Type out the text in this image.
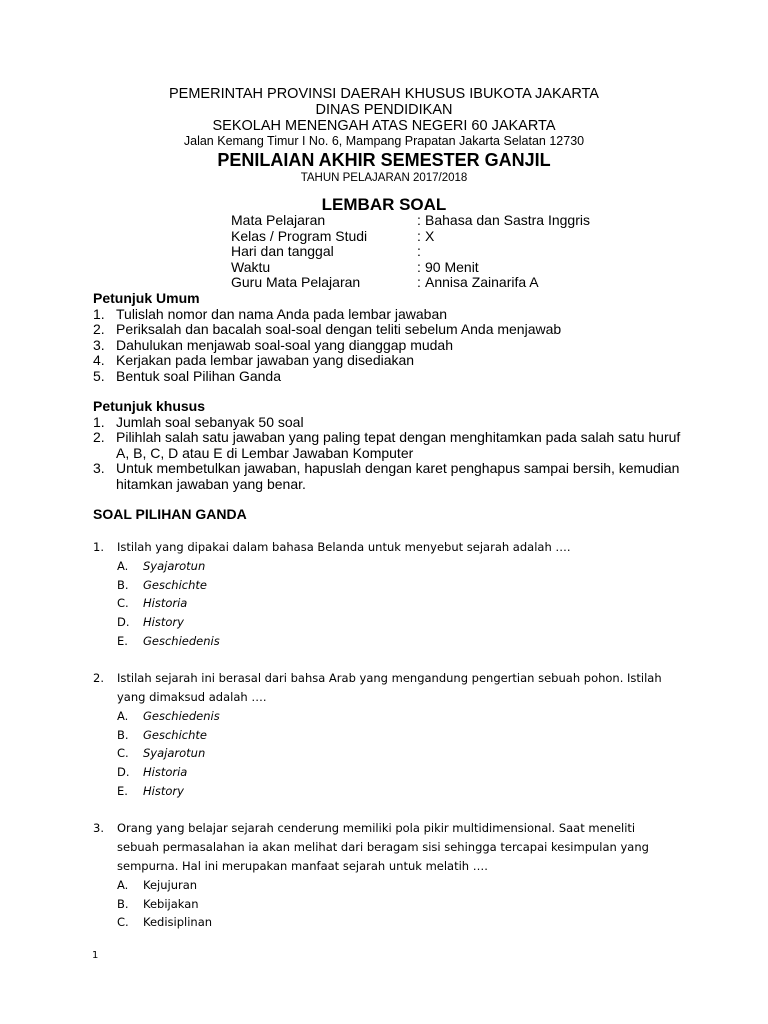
PEMERINTAH PROVINSI DAERAH KHUSUS IBUKOTA JAKARTA
DINAS PENDIDIKAN
SEKOLAH MENENGAH ATAS NEGERI 60 JAKARTA
Jalan Kemang Timur I No. 6, Mampang Prapatan Jakarta Selatan 12730
PENILAIAN AKHIR SEMESTER GANJIL
TAHUN PELAJARAN 2017/2018
LEMBAR SOAL
Mata Pelajaran	: Bahasa dan Sastra Inggris
Kelas / Program Studi	: X
Hari dan tanggal	:
Waktu	: 90 Menit
Guru Mata Pelajaran	: Annisa Zainarifa A
Petunjuk Umum
1. Tulislah nomor dan nama Anda pada lembar jawaban
2. Periksalah dan bacalah soal-soal dengan teliti sebelum Anda menjawab
3. Dahulukan menjawab soal-soal yang dianggap mudah
4. Kerjakan pada lembar jawaban yang disediakan
5. Bentuk soal Pilihan Ganda
Petunjuk khusus
1. Jumlah soal sebanyak 50 soal
2. Pilihlah salah satu jawaban yang paling tepat dengan menghitamkan pada salah satu huruf A, B, C, D atau E di Lembar Jawaban Komputer
3. Untuk membetulkan jawaban, hapuslah dengan karet penghapus sampai bersih, kemudian hitamkan jawaban yang benar.
SOAL PILIHAN GANDA
1.	Istilah yang dipakai dalam bahasa Belanda untuk menyebut sejarah adalah ….
A.	Syajarotun
B.	Geschichte
C.	Historia
D.	History
E.	Geschiedenis
2.	Istilah sejarah ini berasal dari bahsa Arab yang mengandung pengertian sebuah pohon. Istilah yang dimaksud adalah ….
A.	Geschiedenis
B.	Geschichte
C.	Syajarotun
D.	Historia
E.	History
3.	Orang yang belajar sejarah cenderung memiliki pola pikir multidimensional. Saat meneliti sebuah permasalahan ia akan melihat dari beragam sisi sehingga tercapai kesimpulan yang sempurna. Hal ini merupakan manfaat sejarah untuk melatih ….
A.	Kejujuran
B.	Kebijakan
C.	Kedisiplinan
1
